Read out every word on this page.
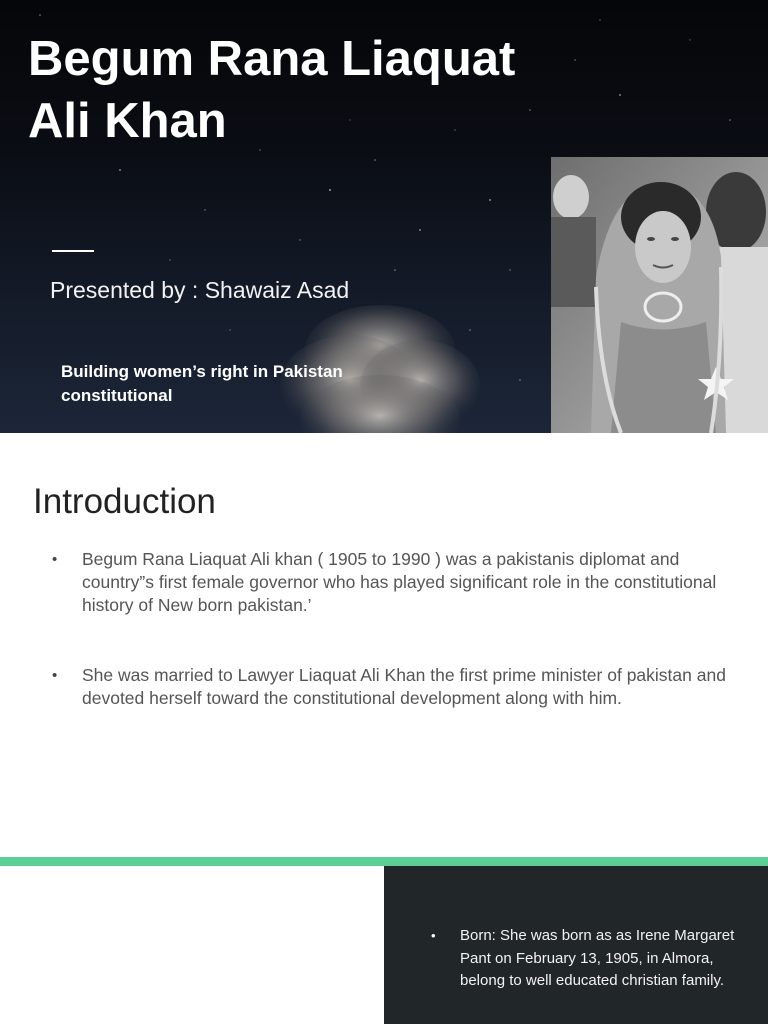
Begum Rana Liaquat Ali Khan
Presented by : Shawaiz Asad
Building women’s right in Pakistan constitutional
Introduction
• Begum Rana Liaquat Ali khan ( 1905 to 1990 ) was a pakistanis diplomat and country”s first female governor who has played significant role in the constitutional history of New born pakistan.’
• She was married to Lawyer Liaquat Ali Khan the first prime minister of pakistan and devoted herself toward the constitutional development along with him.
• Born: She was born as as Irene Margaret Pant on February 13, 1905, in Almora, belong to well educated christian family.
